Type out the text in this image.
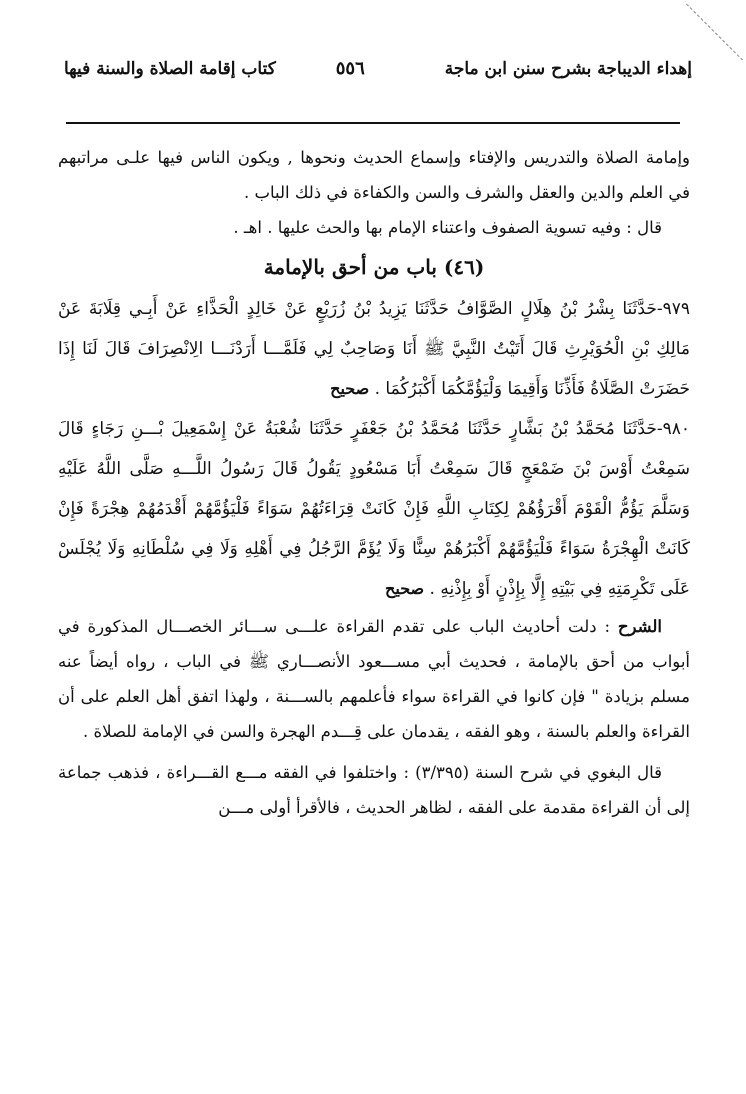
إهداء الديباجة بشرح سنن ابن ماجة
٥٥٦
كتاب إقامة الصلاة والسنة فيها

وإمامة الصلاة والتدريس والإفتاء وإسماع الحديث ونحوها , ويكون الناس فيها علـى مراتبهم في العلم والدين والعقل والشرف والسن والكفاءة في ذلك الباب .

قال : وفيه تسوية الصفوف واعتناء الإمام بها والحث عليها . اهـ .

(٤٦) باب من أحق بالإمامة

٩٧٩-حَدَّثَنَا بِشْرُ بْنُ هِلَالٍ الصَّوَّافُ حَدَّثَنَا يَزِيدُ بْنُ زُرَيْعٍ عَنْ خَالِدٍ الْحَذَّاءِ عَنْ أَبِـي قِلَابَةَ عَنْ مَالِكِ بْنِ الْحُوَيْرِثِ قَالَ أَتَيْتُ النَّبِيَّ ﷺ أَنَا وَصَاحِبٌ لِي فَلَمَّـــا أَرَدْنَـــا الِانْصِرَافَ قَالَ لَنَا إِذَا حَضَرَتْ الصَّلَاةُ فَأَذِّنَا وَأَقِيمَا وَلْيَؤُمَّكُمَا أَكْبَرُكُمَا . صحيح

٩٨٠-حَدَّثَنَا مُحَمَّدُ بْنُ بَشَّارٍ حَدَّثَنَا مُحَمَّدُ بْنُ جَعْفَرٍ حَدَّثَنَا شُعْبَةُ عَنْ إِسْمَعِيلَ بْـــنِ رَجَاءٍ قَالَ سَمِعْتُ أَوْسَ بْنَ ضَمْعَجٍ قَالَ سَمِعْتُ أَبَا مَسْعُودٍ يَقُولُ قَالَ رَسُولُ اللَّـــهِ صَلَّى اللَّهُ عَلَيْهِ وَسَلَّمَ يَؤُمُّ الْقَوْمَ أَقْرَؤُهُمْ لِكِتَابِ اللَّهِ فَإِنْ كَانَتْ قِرَاءَتُهُمْ سَوَاءً فَلْيَؤُمَّهُمْ أَقْدَمُهُمْ هِجْرَةً فَإِنْ كَانَتْ الْهِجْرَةُ سَوَاءً فَلْيَؤُمَّهُمْ أَكْبَرُهُمْ سِنًّا وَلَا يُؤَمَّ الرَّجُلُ فِي أَهْلِهِ وَلَا فِي سُلْطَانِهِ وَلَا يُجْلَسْ عَلَى تَكْرِمَتِهِ فِي بَيْتِهِ إِلَّا بِإِذْنٍ أَوْ بِإِذْنِهِ . صحيح

الشرح : دلت أحاديث الباب على تقدم القراءة علـــى ســـائر الخصـــال المذكورة في أبواب من أحق بالإمامة ، فحديث أبي مســـعود الأنصـــاري ﷺ في الباب ، رواه أيضاً عنه مسلم بزيادة " فإن كانوا في القراءة سواء فأعلمهم بالســـنة ، ولهذا اتفق أهل العلم على أن القراءة والعلم بالسنة ، وهو الفقه ، يقدمان على قِـــدم الهجرة والسن في الإمامة للصلاة .

قال البغوي في شرح السنة (٣/٣٩٥) : واختلفوا في الفقه مـــع القـــراءة ، فذهب جماعة إلى أن القراءة مقدمة على الفقه ، لظاهر الحديث ، فالأقرأ أولى مـــن
